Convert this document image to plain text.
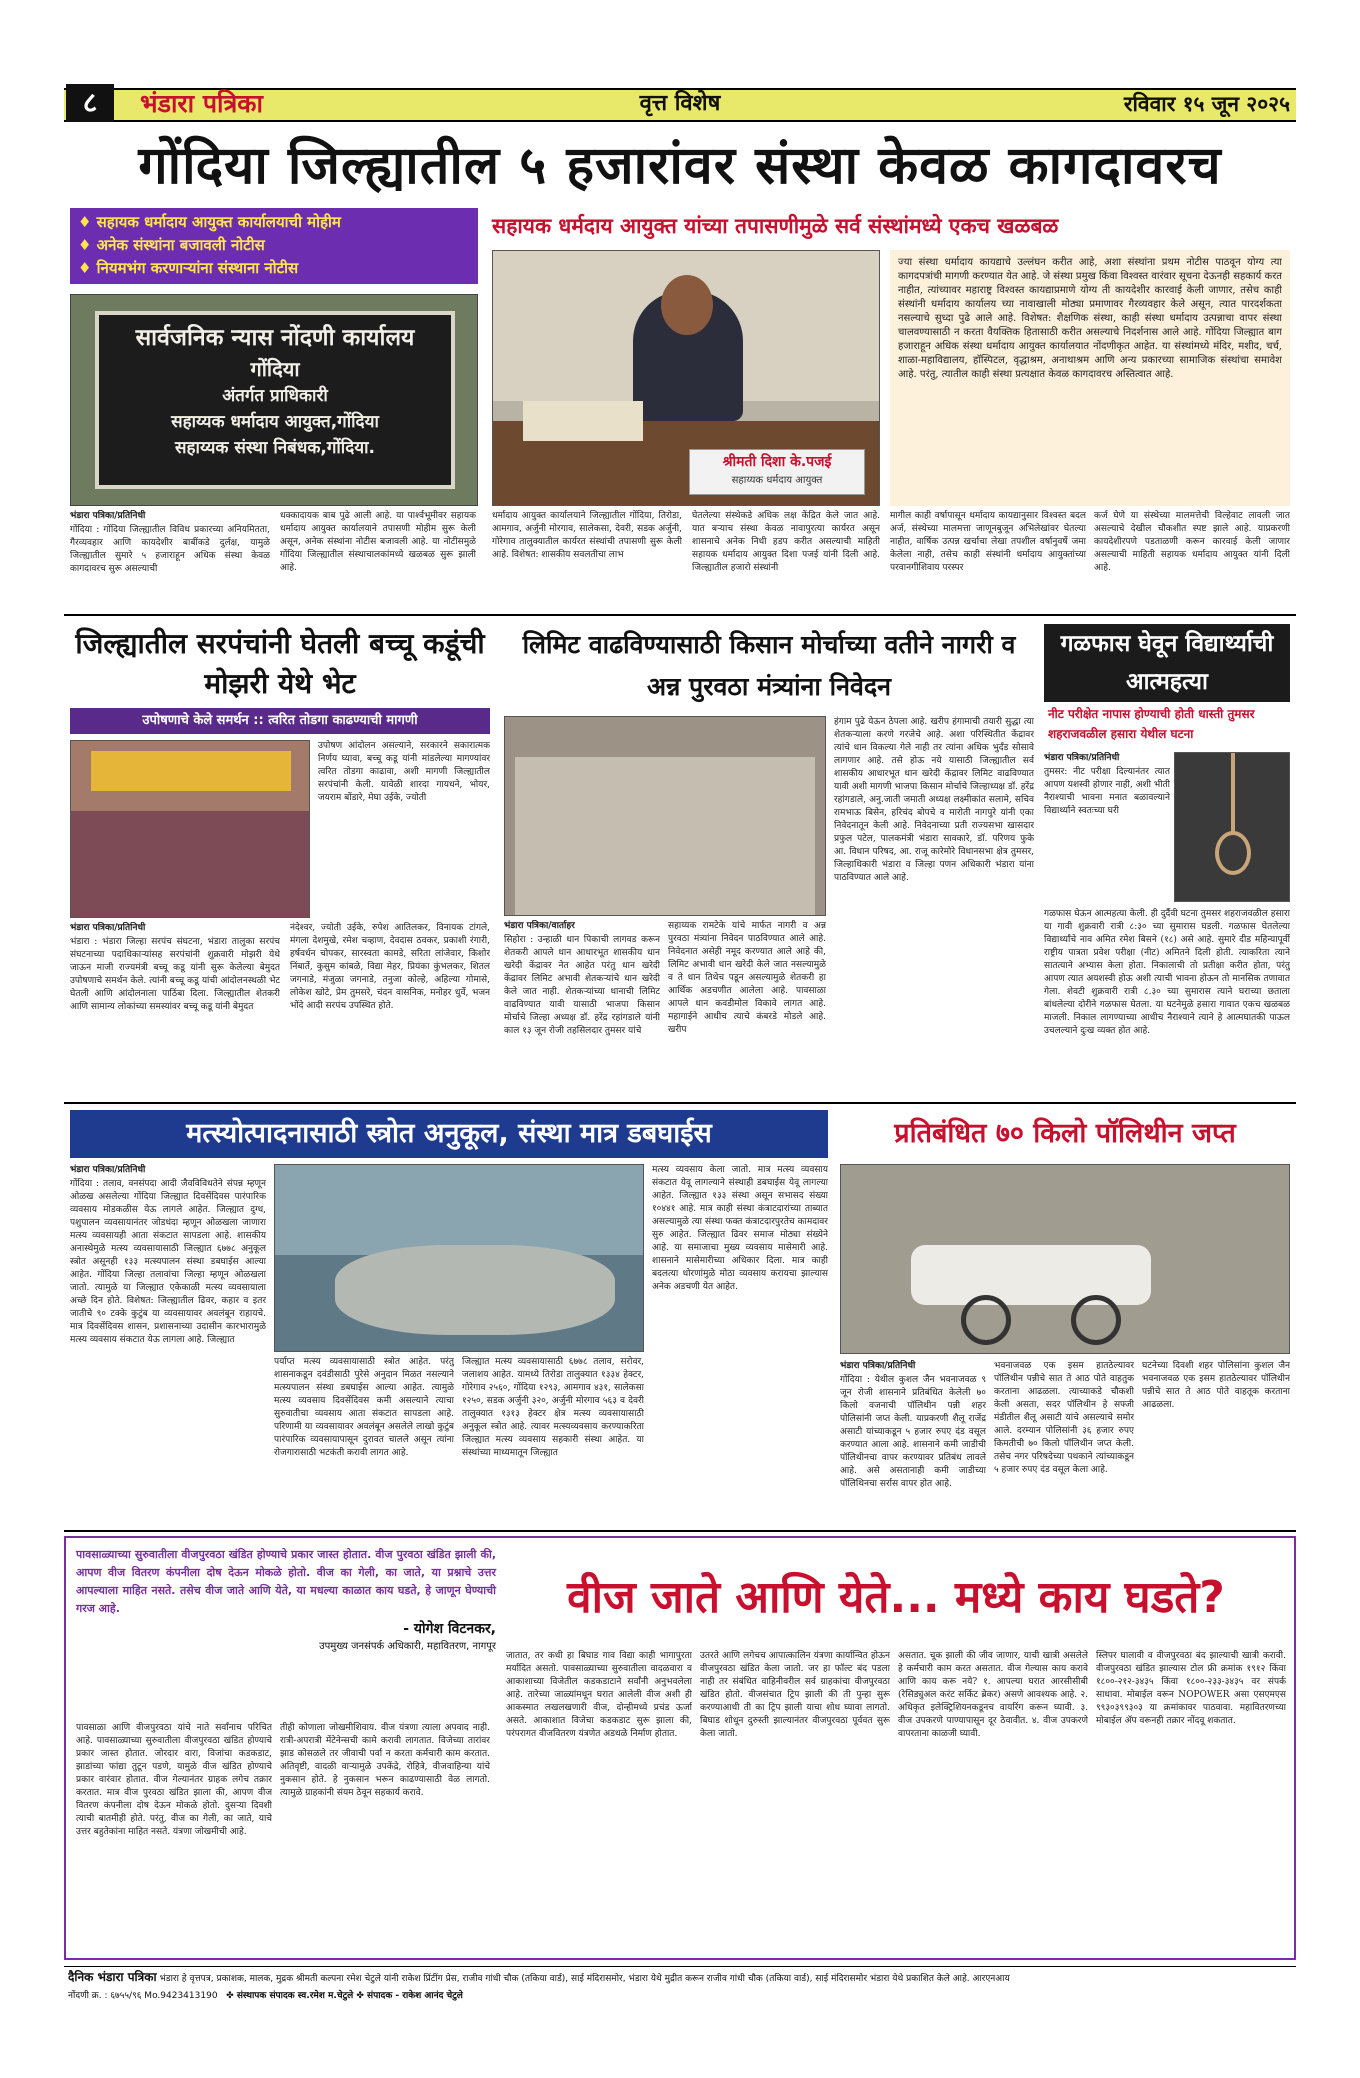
८	भंडारा पत्रिका	वृत्त विशेष	रविवार १५ जून २०२५
गोंदिया जिल्ह्यातील ५ हजारांवर संस्था केवळ कागदावरच
♦ सहायक धर्मादाय आयुक्त कार्यालयाची मोहीम
♦ अनेक संस्थांना बजावली नोटीस
♦ नियमभंग करणाऱ्यांना संस्थाना नोटीस
सहायक धर्मदाय आयुक्त यांच्या तपासणीमुळे सर्व संस्थांमध्ये एकच खळबळ
सार्वजनिक न्यास नोंदणी कार्यालय
गोंदिया
अंतर्गत प्राधिकारी
सहाय्यक धर्मादाय आयुक्त,गोंदिया
सहाय्यक संस्था निबंधक,गोंदिया.
श्रीमती दिशा के.पजई
सहाय्यक धर्मदाय आयुक्त
ज्या संस्था धर्मादाय कायद्याचे उल्लंघन करीत आहे, अशा संस्थांना प्रथम नोटीस पाठवून योग्य त्या कागदपत्रांची मागणी करण्यात येत आहे. जे संस्था प्रमुख किंवा विश्वस्त वारंवार सूचना देऊनही सहकार्य करत नाहीत, त्यांच्यावर महाराष्ट्र विश्वस्त कायद्याप्रमाणे योग्य ती कायदेशीर कारवाई केली जाणार, तसेच काही संस्थांनी धर्मादाय कार्यालय च्या नावाखाली मोठ्या प्रमाणावर गैरव्यवहार केले असून, त्यात पारदर्शकता नसल्याचे सुध्दा पुढे आले आहे. विशेषत: शैक्षणिक संस्था, काही संस्था धर्मादाय उत्पन्नाचा वापर संस्था चालवण्यासाठी न करता वैयक्तिक हितासाठी करीत असल्याचे निदर्शनास आले आहे. गोंदिया जिल्ह्यात बाग हजाराहून अधिक संस्था धर्मादाय आयुक्त कार्यालयात नोंदणीकृत आहेत. या संस्थांमध्ये मंदिर, मशीद, चर्च, शाळा-महाविद्यालय, हॉस्पिटल, वृद्धाश्रम, अनाथाश्रम आणि अन्य प्रकारच्या सामाजिक संस्थांचा समावेश आहे. परंतु, त्यातील काही संस्था प्रत्यक्षात केवळ कागदावरच अस्तित्वात आहे.
भंडारा पत्रिका/प्रतिनिधी
गोंदिया : गोंदिया जिल्ह्यातील विविध प्रकारच्या अनियमितता, गैरव्यवहार आणि कायदेशीर बाबींकडे दुर्लक्ष, यामुळे जिल्ह्यातील सुमारे ५ हजाराहून अधिक संस्था केवळ कागदावरच सुरू असल्याची
धक्कादायक बाब पुढे आली आहे. या पार्श्वभूमीवर सहायक धर्मादाय आयुक्त कार्यालयाने तपासणी मोहीम सुरू केली असून, अनेक संस्थांना नोटीस बजावली आहे. या नोटीसमुळे गोंदिया जिल्ह्यातील संस्थाचालकांमध्ये खळबळ सुरू झाली आहे.
धर्मादाय आयुक्त कार्यालयाने जिल्ह्यातील गोंदिया, तिरोडा, आमगाव, अर्जुनी मोरगाव, सालेकसा, देवरी, सडक अर्जुनी, गोरेगाव तालुक्यातील कार्यरत संस्थांची तपासणी सुरू केली आहे. विशेषत: शासकीय सवलतीचा लाभ
घेतलेल्या संस्थेकडे अधिक लक्ष केंद्रित केले जात आहे. यात बऱ्याच संस्था केवळ नावापुरत्या कार्यरत असून शासनाचे अनेक निधी हडप करीत असल्याची माहिती सहायक धर्मादाय आयुक्त दिशा पजई यांनी दिली आहे. जिल्ह्यातील हजारो संस्थांनी
मागील काही वर्षापासून धर्मादाय कायद्यानुसार विश्वस्त बदल अर्ज, संस्थेच्या मालमत्ता जाणूनबुजून अभिलेखांवर घेतल्या नाहीत, वार्षिक उत्पन्न खर्चाचा लेखा तपशील वर्षानुवर्षे जमा केलेला नाही, तसेच काही संस्थांनी धर्मादाय आयुक्तांच्या परवानगीशिवाय परस्पर
कर्ज घेणे या संस्थेच्या मालमत्तेची विल्हेवाट लावली जात असल्याचे देखील चौकशीत स्पष्ट झाले आहे. याप्रकरणी कायदेशीरपणे पडताळणी करून कारवाई केली जाणार असल्याची माहिती सहायक धर्मादाय आयुक्त यांनी दिली आहे.
जिल्ह्यातील सरपंचांनी घेतली बच्चू कडूंची मोझरी येथे भेट
उपोषणाचे केले समर्थन :: त्वरित तोडगा काढण्याची मागणी
उपोषण आंदोलन असल्याने, सरकारने सकारात्मक निर्णय घ्यावा, बच्चू कडू यांनी मांडलेल्या मागण्यांवर त्वरित तोडगा काढावा, अशी मागणी जिल्ह्यातील सरपंचांनी केली. यावेळी शारदा गायधने, भोयर, जयराम बोंडारे, मेघा उईके, ज्योती
भंडारा पत्रिका/प्रतिनिधी
भंडारा : भंडारा जिल्हा सरपंच संघटना, भंडारा तालुका सरपंच संघटनाच्या पदाधिकाऱ्यांसह सरपंचांनी शुक्रवारी मोझरी येथे जाऊन माजी राज्यमंत्री बच्चू कडू यांनी सुरू केलेल्या बेमुदत उपोषणाचे समर्थन केले. त्यांनी बच्चू कडू यांची आंदोलनस्थळी भेट घेतली आणि आंदोलनाला पाठिंबा दिला. जिल्ह्यातील शेतकरी आणि सामान्य लोकांच्या समस्यांवर बच्चू कडू यांनी बेमुदत
नंदेश्वर, ज्योती उईके, रुपेश आतिलकर, विनायक टांगले, मंगला देशमुखे, रमेश चव्हाण, देवदास ठवकर, प्रकाशी रंगारी, हर्षवर्धन चोपकर, सारस्वता कामडे, सरिता लांजेवार, किशोर निंबार्ते, कुसुम कांबळे, विद्या मेहर, प्रियंका कुंभलकर, शितल जगनाडे, मंजुळा जगनाडे, तनुजा कोल्हे, अहिल्या गोमासे, लोकेश खोटे, प्रेम तुमसरे, चंदन वासनिक, मनोहर धुर्वे, भजन भोंदे आदी सरपंच उपस्थित होते.
लिमिट वाढविण्यासाठी किसान मोर्चाच्या वतीने नागरी व अन्न पुरवठा मंत्र्यांना निवेदन
हंगाम पुढे येऊन ठेपला आहे. खरीप हंगामाची तयारी सुद्धा त्या शेतकऱ्याला करणे गरजेचे आहे. अशा परिस्थितीत केंद्रावर त्यांचे धान विकल्या गेले नाही तर त्यांना अधिक भुर्दंड सोसावे लागणार आहे. तसे होऊ नये यासाठी जिल्ह्यातील सर्व शासकीय आधारभूत धान खरेदी केंद्रावर लिमिट वाढविण्यात यावी अशी मागणी भाजपा किसान मोर्चाचे जिल्हाध्यक्ष डॉ. हरेंद्र रहांगडाले, अनु.जाती जमाती अध्यक्ष लक्ष्मीकांत सलामे, सचिव रामभाऊ बिसेन, हरिचंद बोपचे व मारोती नागपुरे यांनी एका निवेदनातून केली आहे. निवेदनाच्या प्रती राज्यसभा खासदार प्रफुल पटेल, पालकमंत्री भंडारा सावकारे, डॉ. परिणय फुके आ. विधान परिषद, आ. राजू कारेमोरे विधानसभा क्षेत्र तुमसर, जिल्हाधिकारी भंडारा व जिल्हा पणन अधिकारी भंडारा यांना पाठविण्यात आले आहे.
भंडारा पत्रिका/वार्ताहर
सिहोरा : उन्हाळी धान पिकाची लागवड करून शेतकरी आपले धान आधारभूत शासकीय धान खरेदी केंद्रावर नेत आहेत परंतु धान खरेदी केंद्रावर लिमिट अभावी शेतकऱ्यांचे धान खरेदी केले जात नाही. शेतकऱ्यांच्या धानाची लिमिट वाढविण्यात यावी यासाठी भाजपा किसान मोर्चाचे जिल्हा अध्यक्ष डॉ. हरेंद्र रहांगडाले यांनी काल १३ जून रोजी तहसिलदार तुमसर यांचे
सहाय्यक रामटेके यांचे मार्फत नागरी व अन्न पुरवठा मंत्र्यांना निवेदन पाठविण्यात आले आहे. निवेदनात असेही नमूद करण्यात आले आहे की, लिमिट अभावी धान खरेदी केले जात नसल्यामुळे व ते धान तिथेच पडून असल्यामुळे शेतकरी हा आर्थिक अडचणीत आलेला आहे. पावसाळा आपले धान कवडीमोल विकावे लागत आहे. महागाईने आधीच त्याचे कंबरडे मोडले आहे. खरीप
गळफास घेवून विद्यार्थ्याची आत्महत्या
नीट परीक्षेत नापास होण्याची होती धास्ती तुमसर शहराजवळील हसारा येथील घटना
भंडारा पत्रिका/प्रतिनिधी
तुमसर: नीट परीक्षा दिल्यानंतर त्यात आपण यशस्वी होणार नाही, अशी भीती नैराश्याची भावना मनात बळावल्याने विद्यार्थ्याने स्वतःच्या घरी
गळफास घेऊन आत्महत्या केली. ही दुर्दैवी घटना तुमसर शहराजवळील हसारा या गावी शुक्रवारी रात्री ८:३० च्या सुमारास घडली. गळफास घेतलेल्या विद्यार्थ्यांचे नाव अमित रमेश बिसने (१८) असे आहे. सुमारे दीड महिन्यापूर्वी राष्ट्रीय पात्रता प्रवेश परीक्षा (नीट) अमितने दिली होती. त्याकरिता त्याने सातत्याने अभ्यास केला होता. निकालाची तो प्रतीक्षा करीत होता, परंतु आपण त्यात अयशस्वी होऊ अशी त्याची भावना होऊन तो मानसिक तणावात गेला. शेवटी शुक्रवारी रात्री ८.३० च्या सुमारास त्याने घराच्या छताला बांधलेल्या दोरीने गळफास घेतला. या घटनेमुळे हसारा गावात एकच खळबळ माजली. निकाल लागण्याच्या आधीच नैराश्याने त्याने हे आत्मघातकी पाऊल उचलल्याने दुःख व्यक्त होत आहे.
मत्स्योत्पादनासाठी स्त्रोत अनुकूल, संस्था मात्र डबघाईस
भंडारा पत्रिका/प्रतिनिधी
गोंदिया : तलाव, वनसंपदा आदी जैवविविधतेने संपन्न म्हणून ओळख असलेल्या गोंदिया जिल्ह्यात दिवसेंदिवस पारंपारिक व्यवसाय मोडकळीस येऊ लागले आहेत. जिल्ह्यात दुग्ध, पशुपालन व्यवसायानंतर जोडधंदा म्हणून ओळखला जाणारा मत्स्य व्यवसायही आता संकटात सापडला आहे. शासकीय अनास्थेमुळे मत्स्य व्यवसायासाठी जिल्ह्यात ६७७८ अनुकूल स्त्रोत असूनही १३३ मत्स्यपालन संस्था डबघाईस आल्या आहेत. गोंदिया जिल्हा तलावांचा जिल्हा म्हणून ओळखला जातो. त्यामुळे या जिल्ह्यात एकेकाळी मत्स्य व्यवसायाला अच्छे दिन होते. विशेषत: जिल्ह्यातील ढिवर, कहार व इतर जातीचे ९० टक्के कुटुंब या व्यवसायावर अवलंबून राहायचे. मात्र दिवसेंदिवस शासन, प्रशासनाच्या उदासीन कारभारामुळे मत्स्य व्यवसाय संकटात येऊ लागला आहे. जिल्ह्यात
पर्याप्त मत्स्य व्यवसायासाठी स्त्रोत आहेत. परंतु शासनाकडून दवंडीसाठी पुरेसे अनुदान मिळत नसल्याने मत्स्यपालन संस्था डबघाईस आल्या आहेत. त्यामुळे मत्स्य व्यवसाय दिवसेंदिवस कमी असल्याने त्याचा सुरुवातीचा व्यवसाय आता संकटात सापडला आहे. परिणामी या व्यवसायावर अवलंबून असलेले लाखो कुटुंब पारंपारिक व्यवसायापासून दुरावत चालले असून त्यांना रोजगारासाठी भटकंती करावी लागत आहे.
जिल्ह्यात मत्स्य व्यवसायासाठी ६७७८ तलाव, सरोवर, जलाशय आहेत. यामध्ये तिरोडा तालुक्यात १३३४ हेक्टर, गोरेगाव २५६०, गोंदिया १२९३, आमगाव ४३१, सालेकसा १२५०, सडक अर्जुनी ३२०, अर्जुनी मोरगाव ५६३ व देवरी तालुक्यात १३१३ हेक्टर क्षेत्र मत्स्य व्यवसायासाठी अनुकूल स्त्रोत आहे. त्यावर मत्स्यव्यवसाय करण्याकरिता जिल्ह्यात मत्स्य व्यवसाय सहकारी संस्था आहेत. या संस्थांच्या माध्यमातून जिल्ह्यात
मत्स्य व्यवसाय केला जातो. मात्र मत्स्य व्यवसाय संकटात येवू लागल्याने संस्थाही डबघाईस येवू लागल्या आहेत. जिल्ह्यात १३३ संस्था असून सभासद संख्या १०४४१ आहे. मात्र काही संस्था कंत्राटदारांच्या ताब्यात असल्यामुळे त्या संस्था फक्त कंत्राटदारपुरतेच कामदावर सुरु आहेत. जिल्ह्यात ढिवर समाज मोठ्या संख्येने आहे. या समाजाचा मुख्य व्यवसाय मासेमारी आहे. शासनाने मासेमारीच्या अधिकार दिला. मात्र काही बदलत्या धोरणांमुळे मोठा व्यवसाय करायचा झाल्यास अनेक अडचणी येत आहेत.
प्रतिबंधित ७० किलो पॉलिथीन जप्त
भंडारा पत्रिका/प्रतिनिधी
गोंदिया : येथील कुशल जैन भवनाजवळ ९ जून रोजी शासनाने प्रतिबंधित केलेली ७० किलो वजनाची पॉलिथीन पन्नी शहर पोलिसांनी जप्त केली. याप्रकरणी शैलू राजेंद्र असाटी यांच्याकडून ५ हजार रुपए दंड वसूल करण्यात आला आहे. शासनाने कमी जाडीची पॉलिथीनचा वापर करण्यावर प्रतिबंध लावले आहे. असे असतानाही कमी जाडीच्या पॉलिथिनचा सर्रास वापर होत आहे.
भवनाजवळ एक इसम हातठेल्यावर पॉलिथीन पन्नीचे सात ते आठ पोते वाहतुक करताना आढळला. त्याच्याकडे चौकशी केली असता, सदर पॉलिथीन हे सफ्जी मंडीतील शैलू असाटी यांचे असल्याचे समोर आले. दरम्यान पोलिसांनी ३६ हजार रुपए किमतीची ७० किलो पॉलिथीन जप्त केली. तसेच नगर परिषदेच्या पथकाने त्यांच्याकडून ५ हजार रुपए दंड वसूल केला आहे.
घटनेच्या दिवशी शहर पोलिसांना कुशल जैन भवनाजवळ एक इसम हातठेल्यावर पॉलिथीन पन्नीचे सात ते आठ पोते वाहतूक करताना आढळला.
पावसाळ्याच्या सुरुवातीला वीजपुरवठा खंडित होण्याचे प्रकार जास्त होतात. वीज पुरवठा खंडित झाली की, आपण वीज वितरण कंपनीला दोष देऊन मोकळे होतो. वीज का गेली, का जाते, या प्रश्नाचे उत्तर आपल्याला माहित नसते. तसेच वीज जाते आणि येते, या मधल्या काळात काय घडते, हे जाणून घेण्याची गरज आहे.
- योगेश विटनकर,
उपमुख्य जनसंपर्क अधिकारी, महावितरण, नागपूर
वीज जाते आणि येते... मध्ये काय घडते?
पावसाळा आणि वीजपुरवठा यांचे नाते सर्वांनाच परिचित आहे. पावसाळ्याच्या सुरुवातीला वीजपुरवठा खंडित होण्याचे प्रकार जास्त होतात. जोरदार वारा, विजांचा कडकडाट, झाडांच्या फांद्या तुटून पडणे, यामुळे वीज खंडित होण्याचे प्रकार वारंवार होतात. वीज गेल्यानंतर ग्राहक लगेच तक्रार करतात. मात्र वीज पुरवठा खंडित झाला की, आपण वीज वितरण कंपनीला दोष देऊन मोकळे होतो. दुसऱ्या दिवशी त्याची बातमीही होते. परंतु, वीज का गेली, का जाते, याचे उत्तर बहुतेकांना माहित नसते. यंत्रणा जोखमीची आहे.
तीही कोणाला जोखमीशिवाय. वीज यंत्रणा त्याला अपवाद नाही. रात्री-अपरात्री मेंटेनेन्सची कामे करावी लागतात. विजेच्या तारांवर झाड कोसळले तर जीवाची पर्वा न करता कर्मचारी काम करतात. अतिवृष्टी, वादळी वाऱ्यामुळे उपकेंद्रे, रोहित्रे, वीजवाहिन्या यांचे नुकसान होते. हे नुकसान भरून काढण्यासाठी वेळ लागतो. त्यामुळे ग्राहकांनी संयम ठेवून सहकार्य करावे.
जातात, तर कधी हा बिघाड गाव विद्या काही भागापुरता मर्यादित असतो. पावसाळ्याच्या सुरुवातीला वादळवारा व आकाशाच्या विजेतील कडकडाटाने सर्वांनी अनुभवलेला आहे. तारेच्या जाळ्यांमधून घरात आलेली वीज अशी ही आकस्मात लखलखणारी वीज, दोन्हीमध्ये प्रचंड ऊर्जा असते. आकाशात विजेचा कडकडाट सुरू झाला की, परंपरागत वीजवितरण यंत्रणेत अडथळे निर्माण होतात.
उतरते आणि लगेचच आपात्कालिन यंत्रणा कार्यान्वित होऊन वीजपुरवठा खंडित केला जातो. जर हा फॉल्ट बंद पडला नाही तर संबंधित वाहिनीवरील सर्व ग्राहकांचा वीजपुरवठा खंडित होतो. वीजसंचात ट्रिप झाली की ती पुन्हा सुरू करण्याआधी ती का ट्रिप झाली याचा शोध घ्यावा लागतो. बिघाड शोधून दुरुस्ती झाल्यानंतर वीजपुरवठा पूर्ववत सुरू केला जातो.
असतात. चूक झाली की जीव जाणार, याची खात्री असलेले हे कर्मचारी काम करत असतात. वीज गेल्यास काय करावे आणि काय करू नये? १. आपल्या घरात आरसीसीबी (रेसिड्युअल करंट सर्किट ब्रेकर) असणे आवश्यक आहे. २. अधिकृत इलेक्ट्रिशियनकडूनच वायरिंग करून घ्यावी. ३. वीज उपकरणे पाण्यापासून दूर ठेवावीत. ४. वीज उपकरणे वापरताना काळजी घ्यावी.
स्लिपर घालावी व वीजपुरवठा बंद झाल्याची खात्री करावी. वीजपुरवठा खंडित झाल्यास टोल फ्री क्रमांक १९१२ किंवा १८००-२१२-३४३५ किंवा १८००-२३३-३४३५ वर संपर्क साधावा. मोबाईल वरून NOPOWER असा एसएमएस ९९३०३९९३०३ या क्रमांकावर पाठवावा. महावितरणच्या मोबाईल ॲप वरूनही तक्रार नोंदवू शकतात.
दैनिक भंडारा पत्रिका भंडारा हे वृत्तपत्र, प्रकाशक, मालक, मुद्रक श्रीमती कल्पना रमेश चेटुले यांनी राकेश प्रिंटींग प्रेस, राजीव गांधी चौक (तकिया वार्ड), साई मंदिरासमोर, भंडारा येथे मुद्रीत करून राजीव गांधी चौक (तकिया वार्ड), साई मंदिरासमोर भंडारा येथे प्रकाशित केले आहे. आरएनआय
नोंदणी क्र. : ६७५५/९६ Mo.9423413190 ✤ संस्थापक संपादक स्व.रमेश म.चेटुले ✤ संपादक - राकेश आनंद चेटुले
